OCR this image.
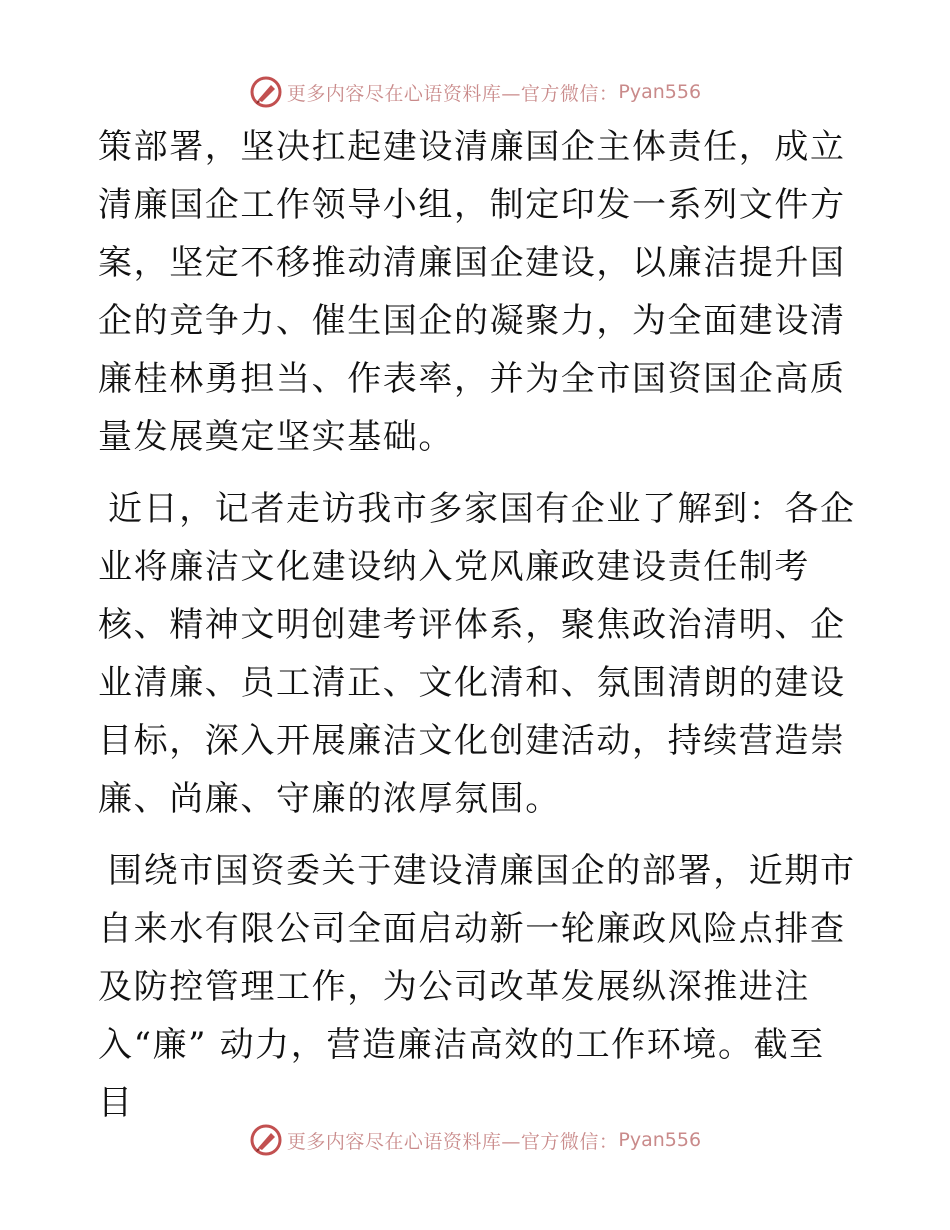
更多内容尽在心语资料库—官方微信： Pyan556

策部署，坚决扛起建设清廉国企主体责任，成立清廉国企工作领导小组，制定印发一系列文件方案，坚定不移推动清廉国企建设，以廉洁提升国企的竞争力、催生国企的凝聚力，为全面建设清廉桂林勇担当、作表率，并为全市国资国企高质量发展奠定坚实基础。

近日，记者走访我市多家国有企业了解到：各企业将廉洁文化建设纳入党风廉政建设责任制考核、精神文明创建考评体系，聚焦政治清明、企业清廉、员工清正、文化清和、氛围清朗的建设目标，深入开展廉洁文化创建活动，持续营造崇廉、尚廉、守廉的浓厚氛围。

围绕市国资委关于建设清廉国企的部署，近期市自来水有限公司全面启动新一轮廉政风险点排查及防控管理工作，为公司改革发展纵深推进注入“廉” 动力，营造廉洁高效的工作环境。截至目

更多内容尽在心语资料库—官方微信： Pyan556
